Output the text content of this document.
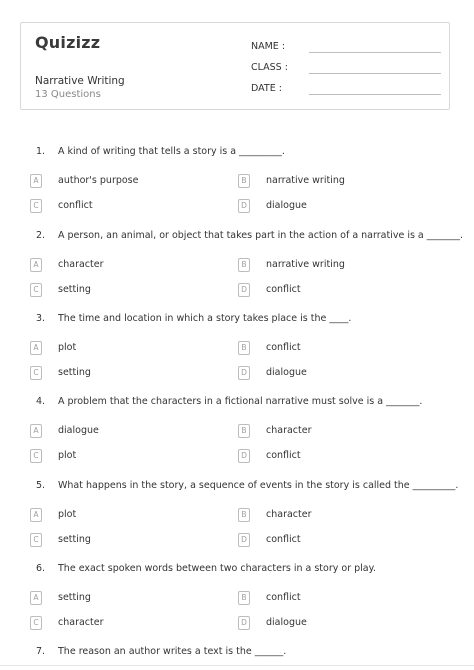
Quizizz
Narrative Writing
13 Questions
NAME :
CLASS :
DATE :
1. A kind of writing that tells a story is a _________.
A	author's purpose	B	narrative writing
C	conflict	D	dialogue
2. A person, an animal, or object that takes part in the action of a narrative is a _______.
A	character	B	narrative writing
C	setting	D	conflict
3. The time and location in which a story takes place is the ____.
A	plot	B	conflict
C	setting	D	dialogue
4. A problem that the characters in a fictional narrative must solve is a _______.
A	dialogue	B	character
C	plot	D	conflict
5. What happens in the story, a sequence of events in the story is called the _________.
A	plot	B	character
C	setting	D	conflict
6. The exact spoken words between two characters in a story or play.
A	setting	B	conflict
C	character	D	dialogue
7. The reason an author writes a text is the ______.
